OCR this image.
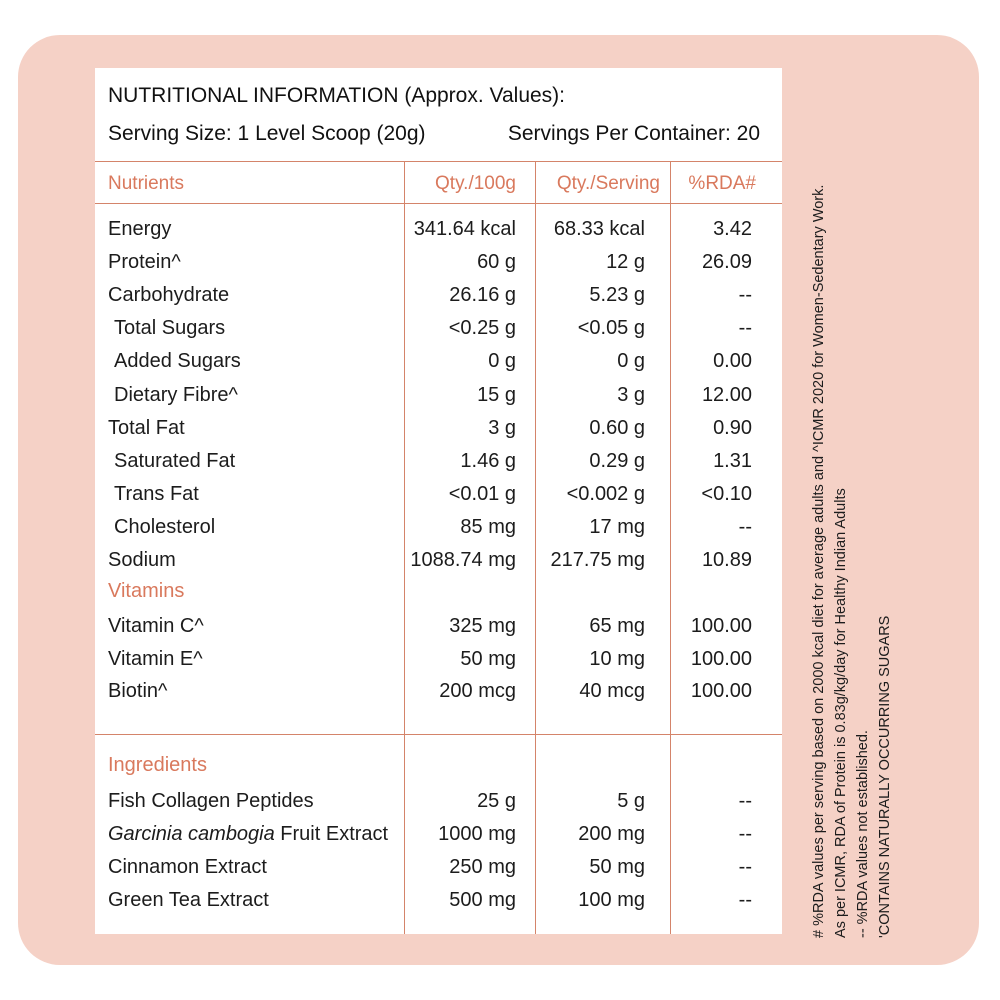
NUTRITIONAL INFORMATION (Approx. Values):
Serving Size: 1 Level Scoop (20g)	Servings Per Container: 20
Nutrients	Qty./100g Qty./Serving %RDA#
Energy	341.64 kcal 68.33 kcal	3.42
Protein^	60 g	12 g	26.09
Carbohydrate	26.16 g	5.23 g	--
Total Sugars	<0.25 g	<0.05 g	--
Added Sugars	0 g	0 g	0.00
Dietary Fibre^	15 g	3 g	12.00
Total Fat	3 g	0.60 g	0.90
Saturated Fat	1.46 g	0.29 g	1.31
Trans Fat	<0.01 g	<0.002 g	<0.10
Cholesterol	85 mg	17 mg	--
Sodium	1088.74 mg 217.75 mg	10.89
Vitamins
Vitamin C^	325 mg	65 mg 100.00
Vitamin E^	50 mg	10 mg 100.00
Biotin^	200 mcg	40 mcg 100.00
Ingredients
Fish Collagen Peptides	25 g	5 g	--
Garcinia cambogia Fruit Extract	1000 mg	200 mg	--
Cinnamon Extract	250 mg	50 mg	--
Green Tea Extract	500 mg	100 mg	--	# %RDA values per serving based on 2000 kcal diet for average adults and ^ICMR 2020 for Women-Sedentary Work. As per ICMR, RDA of Protein is 0.83g/kg/day for Healthy Indian Adults -- %RDA values not established. 'CONTAINS NATURALLY OCCURRING SUGARS
